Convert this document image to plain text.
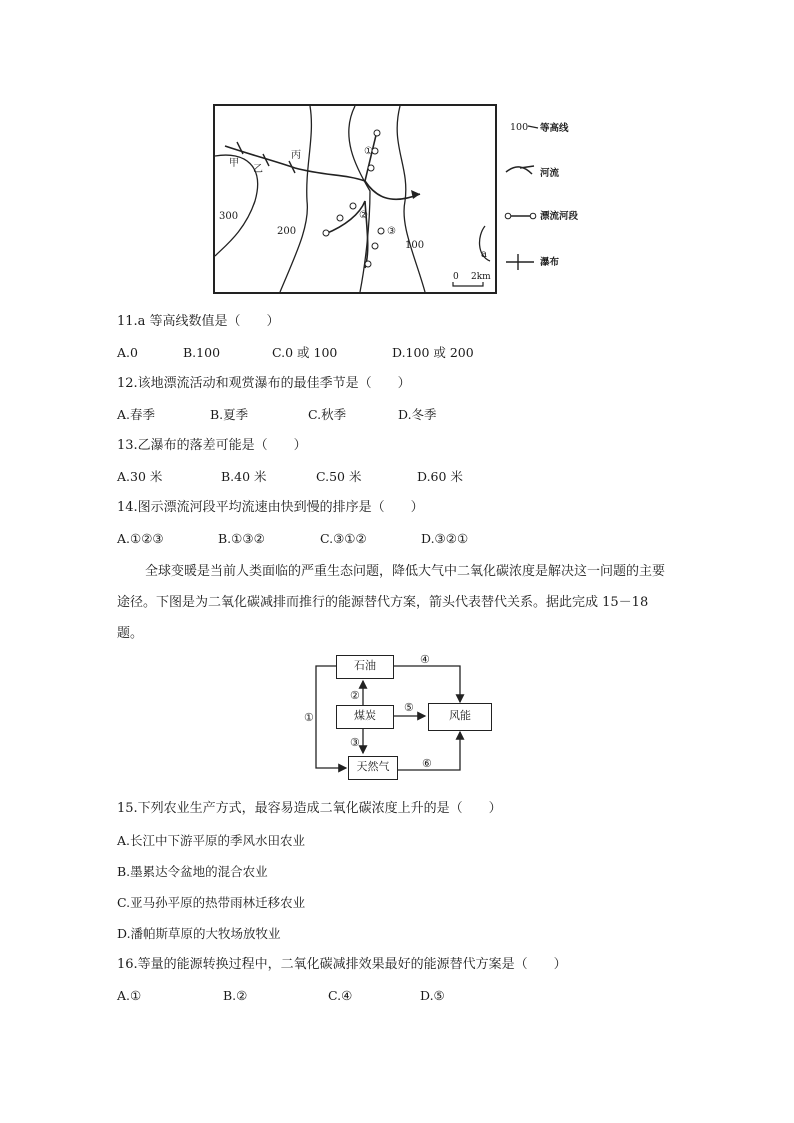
甲
乙
丙
300
200
100
a
①
②
③
0 2km
100 等高线
河流
漂流河段
瀑布
11.a 等高线数值是（　　）
A.0	B.100	C.0 或 100	D.100 或 200
12.该地漂流活动和观赏瀑布的最佳季节是（　　）
A.春季	B.夏季	C.秋季	D.冬季
13.乙瀑布的落差可能是（　　）
A.30 米	B.40 米	C.50 米	D.60 米
14.图示漂流河段平均流速由快到慢的排序是（　　）
A.①②③	B.①③②	C.③①②	D.③②①
全球变暖是当前人类面临的严重生态问题，降低大气中二氧化碳浓度是解决这一问题的主要途径。下图是为二氧化碳减排而推行的能源替代方案，箭头代表替代关系。据此完成 15－18 题。
石油
煤炭
天然气
风能
①
②
③
④
⑤
⑥
15.下列农业生产方式，最容易造成二氧化碳浓度上升的是（　　）
A.长江中下游平原的季风水田农业
B.墨累达令盆地的混合农业
C.亚马孙平原的热带雨林迁移农业
D.潘帕斯草原的大牧场放牧业
16.等量的能源转换过程中，二氧化碳减排效果最好的能源替代方案是（　　）
A.①	B.②	C.④	D.⑤
